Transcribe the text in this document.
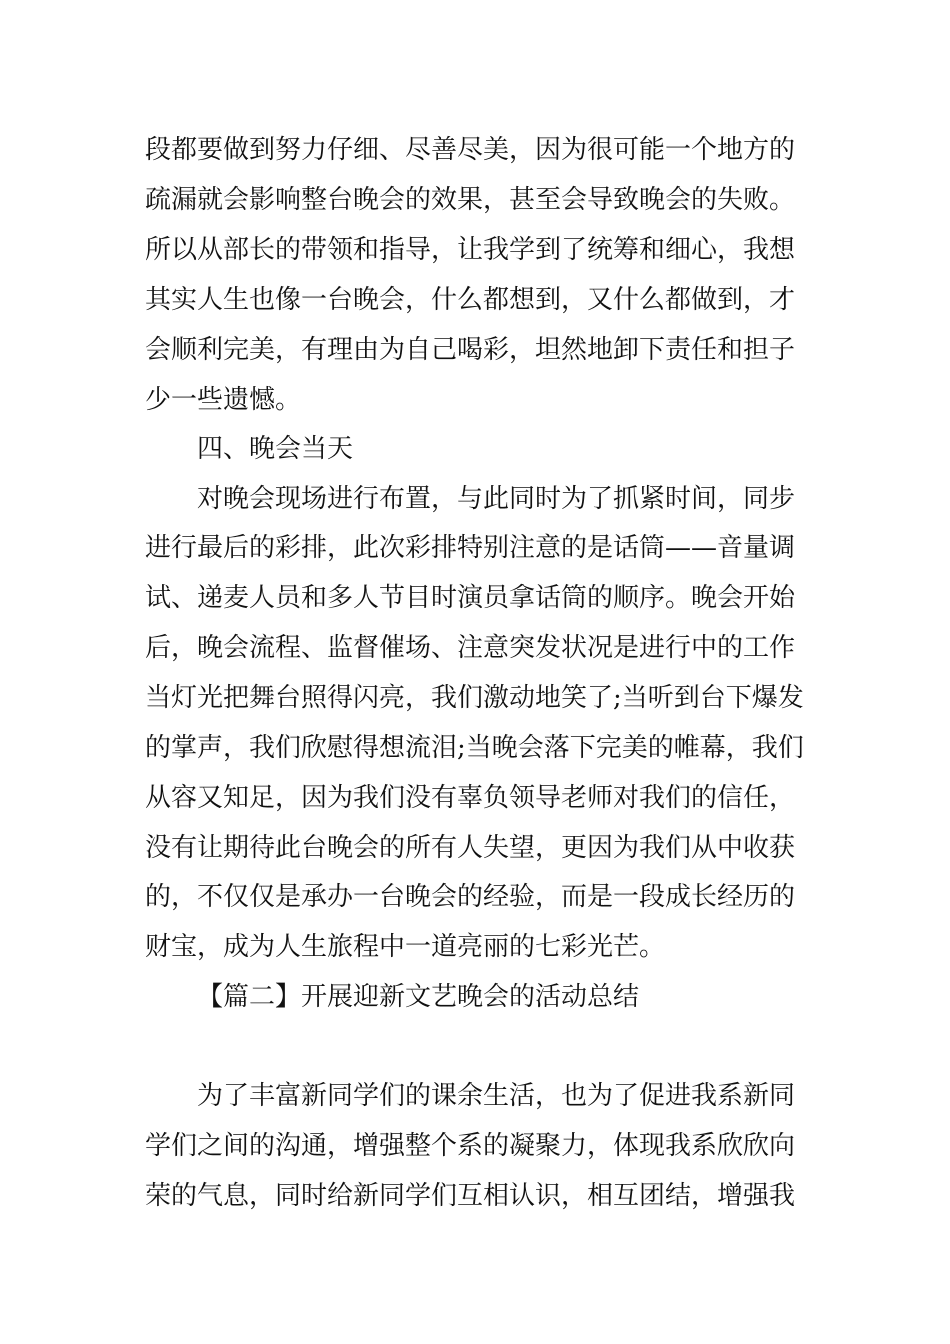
段都要做到努力仔细、尽善尽美，因为很可能一个地方的
疏漏就会影响整台晚会的效果，甚至会导致晚会的失败。
所以从部长的带领和指导，让我学到了统筹和细心，我想
其实人生也像一台晚会，什么都想到，又什么都做到，才
会顺利完美，有理由为自己喝彩，坦然地卸下责任和担子
少一些遗憾。
四、晚会当天
对晚会现场进行布置，与此同时为了抓紧时间，同步
进行最后的彩排，此次彩排特别注意的是话筒——音量调
试、递麦人员和多人节目时演员拿话筒的顺序。晚会开始
后，晚会流程、监督催场、注意突发状况是进行中的工作
当灯光把舞台照得闪亮，我们激动地笑了;当听到台下爆发
的掌声，我们欣慰得想流泪;当晚会落下完美的帷幕，我们
从容又知足，因为我们没有辜负领导老师对我们的信任，
没有让期待此台晚会的所有人失望，更因为我们从中收获
的，不仅仅是承办一台晚会的经验，而是一段成长经历的
财宝，成为人生旅程中一道亮丽的七彩光芒。
【篇二】开展迎新文艺晚会的活动总结
为了丰富新同学们的课余生活，也为了促进我系新同
学们之间的沟通，增强整个系的凝聚力，体现我系欣欣向
荣的气息，同时给新同学们互相认识，相互团结，增强我
